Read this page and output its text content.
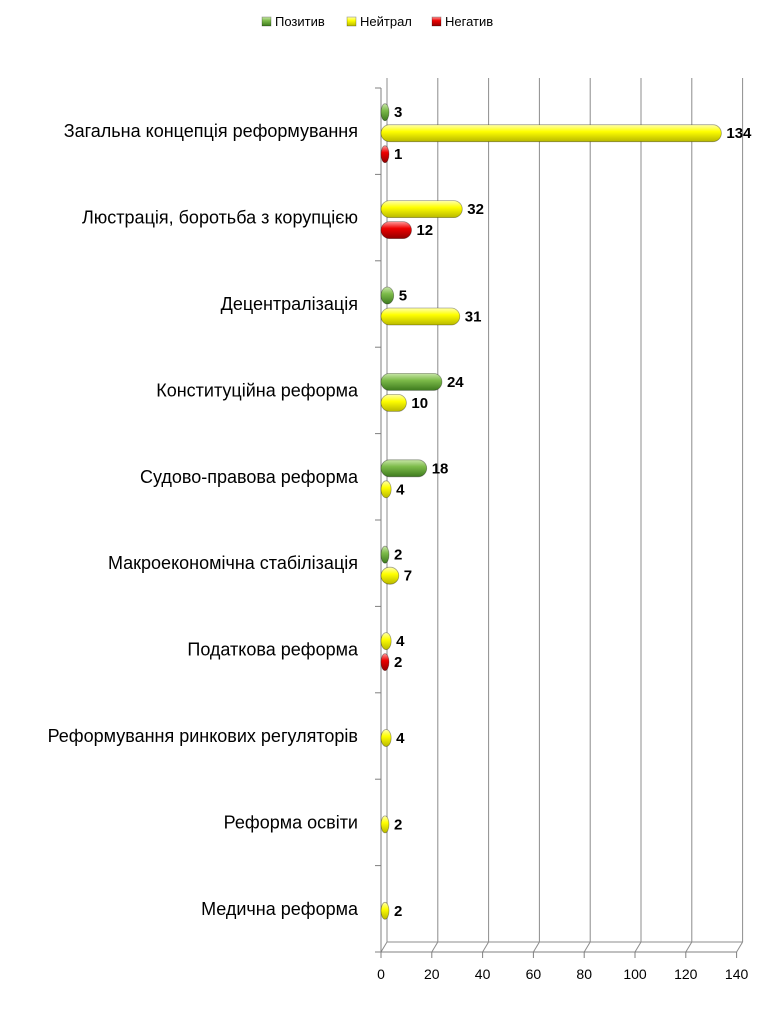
Позитив	Нейтрал	Негатив
0	20	40	60	80 100 120 140
Загальна концепція реформування
3
134
1
Люстрація, боротьба з корупцією	32
12
Децентралізація	5
31
Конституційна реформа	24
10
Судово-правова реформа	18
4
Макроекономічна стабілізація 2
7
Податкова реформа	4
2
Реформування ринкових регуляторів	4
Реформа освіти 2
Медична реформа 2
